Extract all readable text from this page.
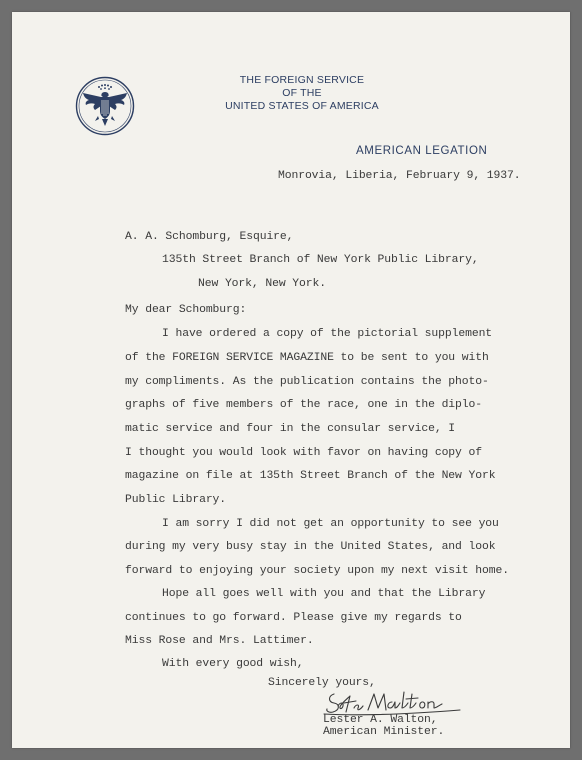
THE FOREIGN SERVICE
OF THE
UNITED STATES OF AMERICA
AMERICAN LEGATION
Monrovia, Liberia, February 9, 1937.
A. A. Schomburg, Esquire,
135th Street Branch of New York Public Library,
New York, New York.
My dear Schomburg:
I have ordered a copy of the pictorial supplement
of the FOREIGN SERVICE MAGAZINE to be sent to you with
my compliments. As the publication contains the photo-
graphs of five members of the race, one in the diplo-
matic service and four in the consular service, I
I thought you would look with favor on having copy of
magazine on file at 135th Street Branch of the New York
Public Library.
I am sorry I did not get an opportunity to see you
during my very busy stay in the United States, and look
forward to enjoying your society upon my next visit home.
Hope all goes well with you and that the Library
continues to go forward. Please give my regards to
Miss Rose and Mrs. Lattimer.
With every good wish,
Sincerely yours,
Lester A. Walton,
American Minister.
